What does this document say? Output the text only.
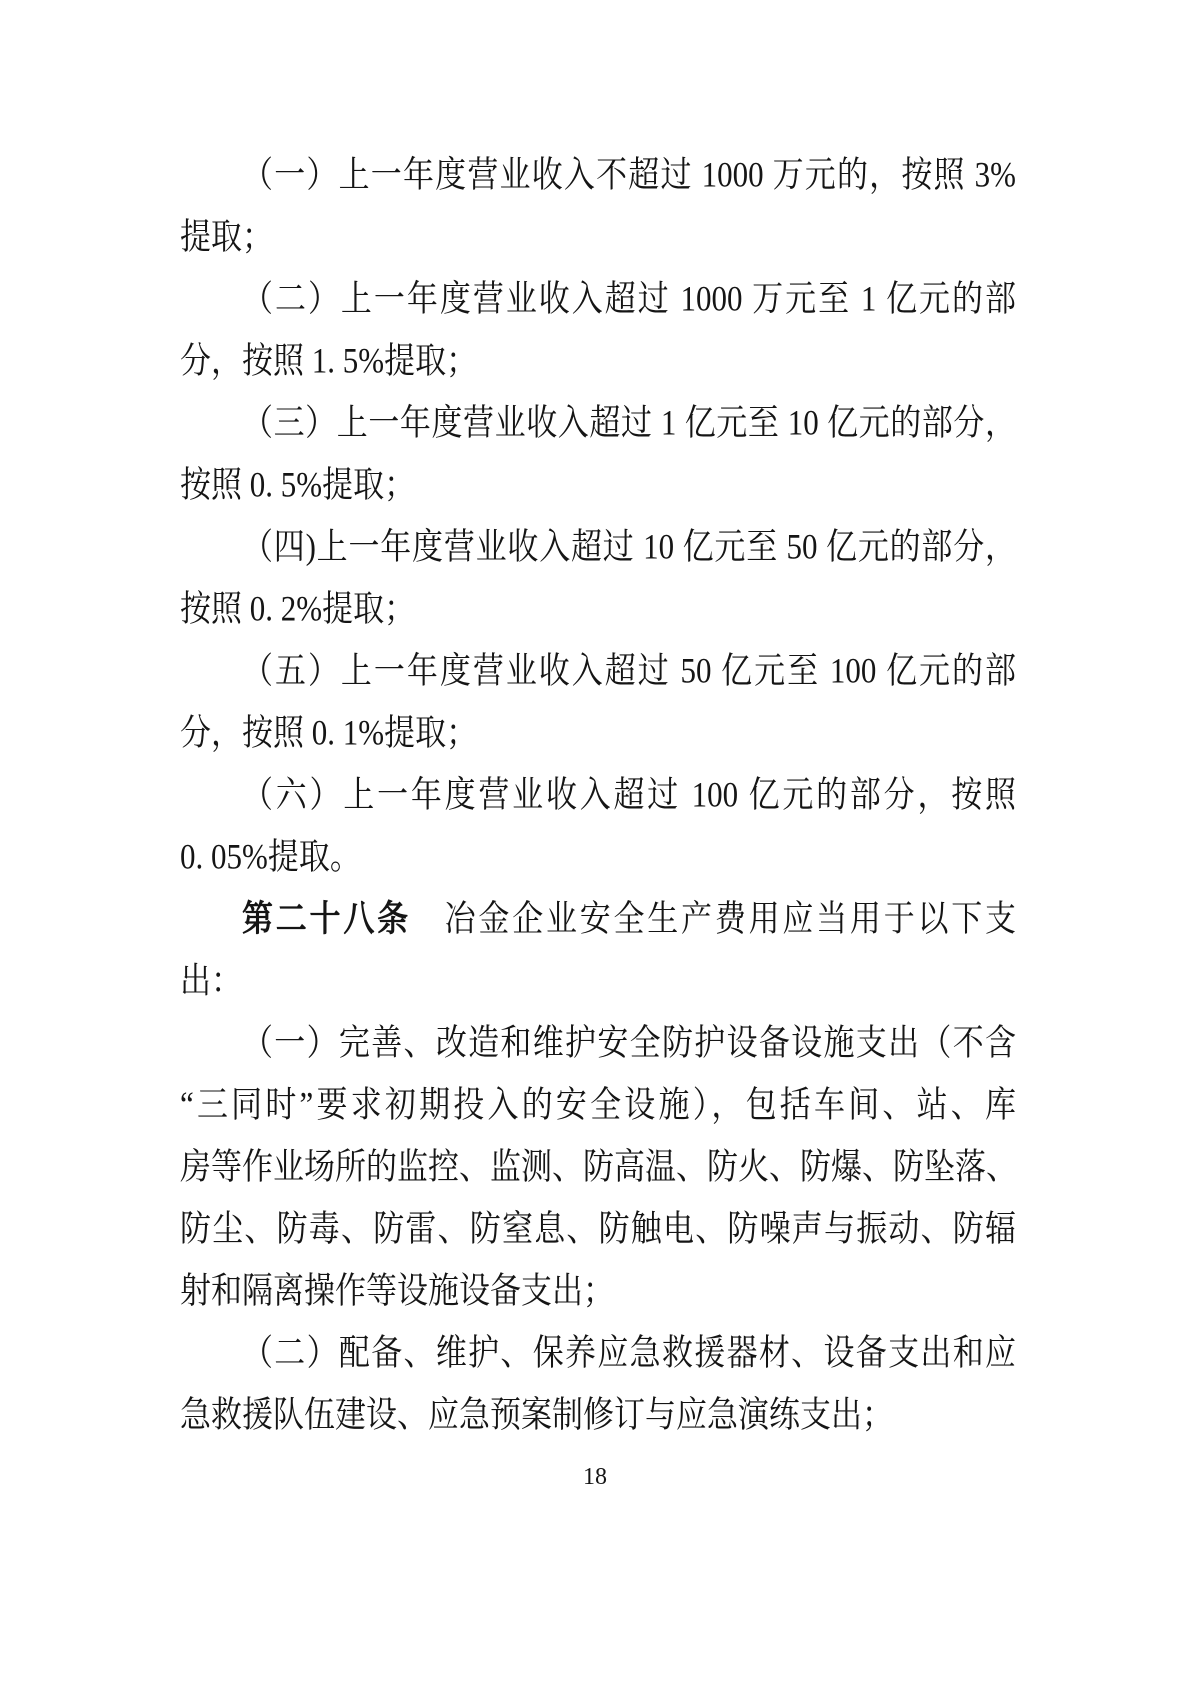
（一）上一年度营业收入不超过 1000 万元的，按照 3%
提取；
（二）上一年度营业收入超过 1000 万元至 1 亿元的部
分，按照 1. 5%提取；
（三）上一年度营业收入超过 1 亿元至 10 亿元的部分，
按照 0. 5%提取；
（四)上一年度营业收入超过 10 亿元至 50 亿元的部分，
按照 0. 2%提取；
（五）上一年度营业收入超过 50 亿元至 100 亿元的部
分，按照 0. 1%提取；
（六）上一年度营业收入超过 100 亿元的部分，按照
0. 05%提取。
第二十八条　冶金企业安全生产费用应当用于以下支
出：
（一）完善、改造和维护安全防护设备设施支出（不含
“三同时”要求初期投入的安全设施），包括车间、站、库
房等作业场所的监控、监测、防高温、防火、防爆、防坠落、
防尘、防毒、防雷、防窒息、防触电、防噪声与振动、防辐
射和隔离操作等设施设备支出；
（二）配备、维护、保养应急救援器材、设备支出和应
急救援队伍建设、应急预案制修订与应急演练支出；
18
